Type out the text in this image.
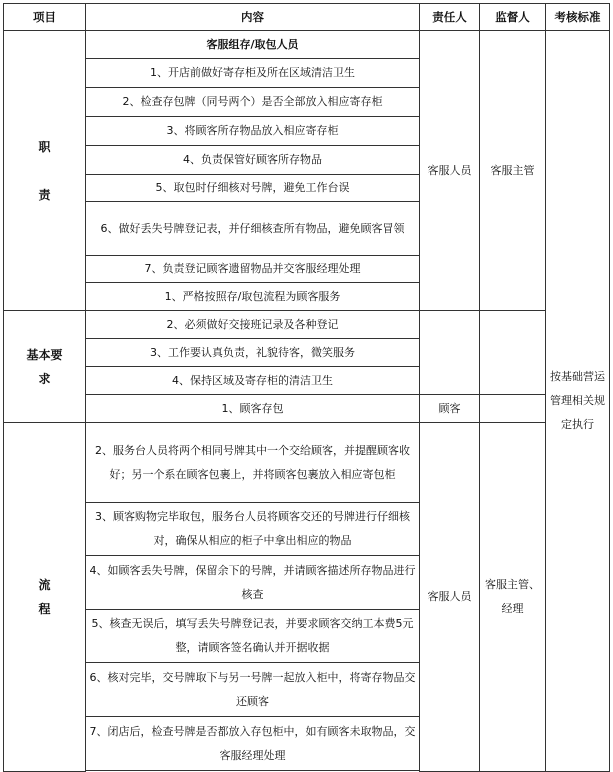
项目	内容	责任人	监督人	考核标准
职

责	客服组存/取包人员	客服人员	客服主管	按基础营运管理相关规定执行
	1、开店前做好寄存柜及所在区域清洁卫生			
	2、检查存包牌（同号两个）是否全部放入相应寄存柜			
	3、将顾客所存物品放入相应寄存柜			
	4、负责保管好顾客所存物品			
	5、取包时仔细核对号牌，避免工作台误			
	6、做好丢失号牌登记表，并仔细核查所有物品，避免顾客冒领			
	7、负责登记顾客遗留物品并交客服经理处理			
	1、严格按照存/取包流程为顾客服务			
基本要
求	2、必须做好交接班记录及各种登记			
	3、工作要认真负责，礼貌待客，微笑服务			
	4、保持区域及寄存柜的清洁卫生			
	1、顾客存包	顾客		
流
程	2、服务台人员将两个相同号牌其中一个交给顾客，并提醒顾客收好；另一个系在顾客包裹上，并将顾客包裹放入相应寄包柜	客服人员	客服主管、经理	
	3、顾客购物完毕取包，服务台人员将顾客交还的号牌进行仔细核对，确保从相应的柜子中拿出相应的物品			
	4、如顾客丢失号牌，保留余下的号牌，并请顾客描述所存物品进行核查			
	5、核查无误后，填写丢失号牌登记表，并要求顾客交纳工本费5元整，请顾客签名确认并开据收据			
	6、核对完毕，交号牌取下与另一号牌一起放入柜中，将寄存物品交还顾客			
	7、闭店后，检查号牌是否都放入存包柜中，如有顾客未取物品，交客服经理处理			
